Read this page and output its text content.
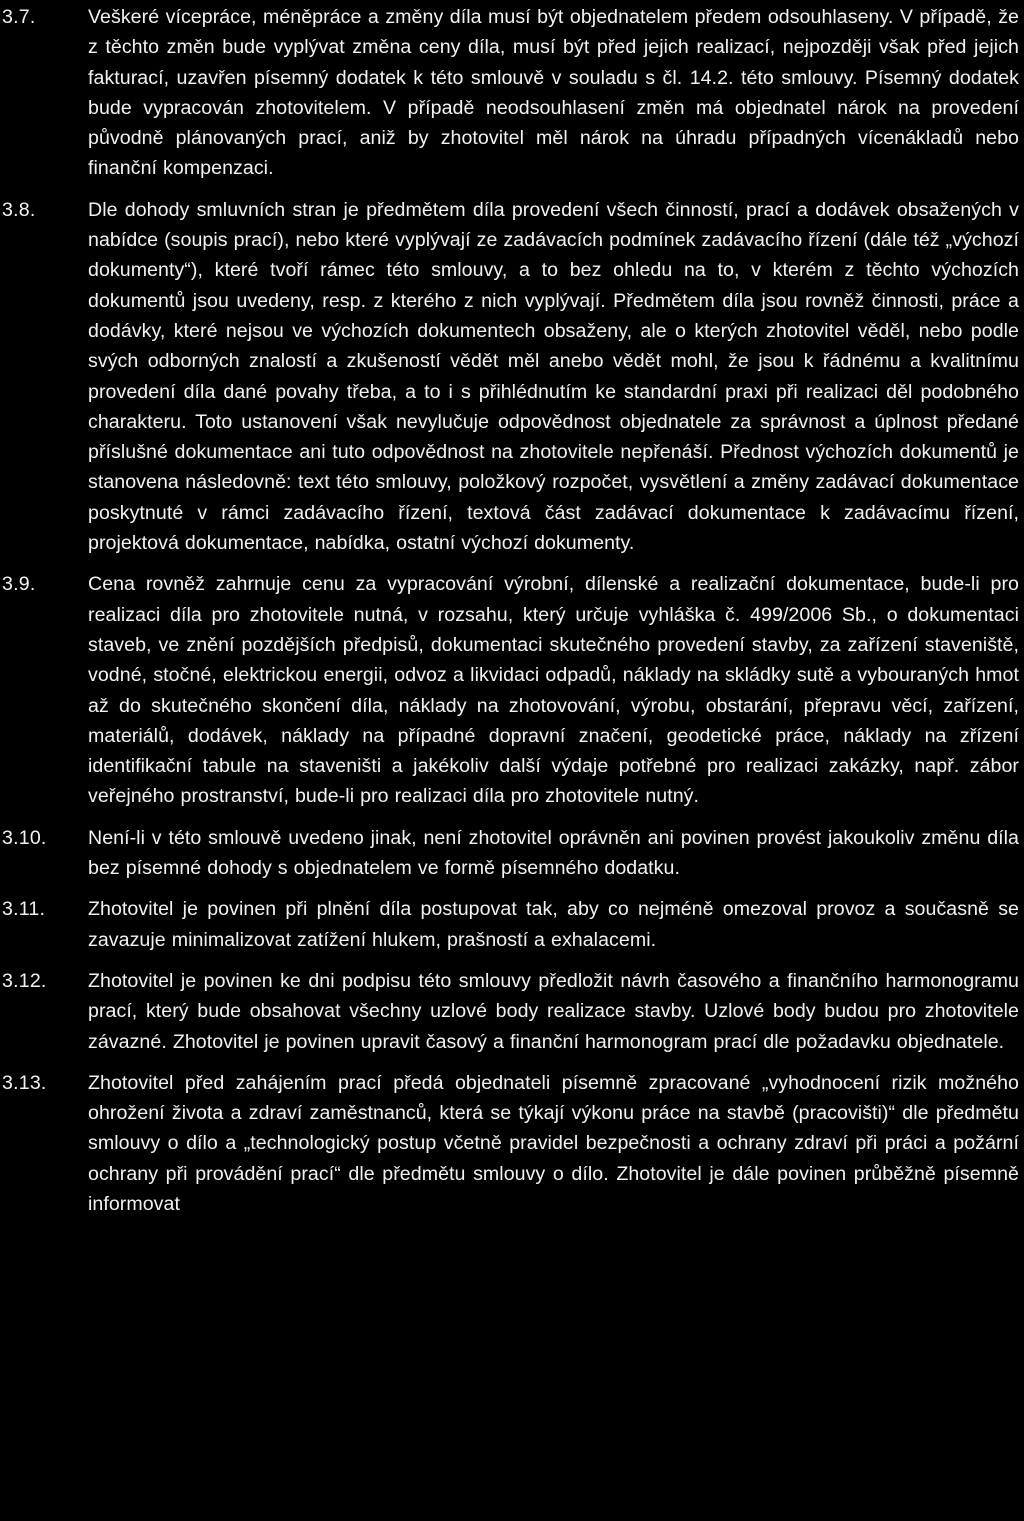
3.7.	Veškeré vícepráce, méněpráce a změny díla musí být objednatelem předem odsouhlaseny. V případě, že z těchto změn bude vyplývat změna ceny díla, musí být před jejich realizací, nejpozději však před jejich fakturací, uzavřen písemný dodatek k této smlouvě v souladu s čl. 14.2. této smlouvy. Písemný dodatek bude vypracován zhotovitelem. V případě neodsouhlasení změn má objednatel nárok na provedení původně plánovaných prací, aniž by zhotovitel měl nárok na úhradu případných vícenákladů nebo finanční kompenzaci.
3.8.	Dle dohody smluvních stran je předmětem díla provedení všech činností, prací a dodávek obsažených v nabídce (soupis prací), nebo které vyplývají ze zadávacích podmínek zadávacího řízení (dále též „výchozí dokumenty“), které tvoří rámec této smlouvy, a to bez ohledu na to, v kterém z těchto výchozích dokumentů jsou uvedeny, resp. z kterého z nich vyplývají. Předmětem díla jsou rovněž činnosti, práce a dodávky, které nejsou ve výchozích dokumentech obsaženy, ale o kterých zhotovitel věděl, nebo podle svých odborných znalostí a zkušeností vědět měl anebo vědět mohl, že jsou k řádnému a kvalitnímu provedení díla dané povahy třeba, a to i s přihlédnutím ke standardní praxi při realizaci děl podobného charakteru. Toto ustanovení však nevylučuje odpovědnost objednatele za správnost a úplnost předané příslušné dokumentace ani tuto odpovědnost na zhotovitele nepřenáší. Přednost výchozích dokumentů je stanovena následovně: text této smlouvy, položkový rozpočet, vysvětlení a změny zadávací dokumentace poskytnuté v rámci zadávacího řízení, textová část zadávací dokumentace k zadávacímu řízení, projektová dokumentace, nabídka, ostatní výchozí dokumenty.
3.9.	Cena rovněž zahrnuje cenu za vypracování výrobní, dílenské a realizační dokumentace, bude-li pro realizaci díla pro zhotovitele nutná, v rozsahu, který určuje vyhláška č. 499/2006 Sb., o dokumentaci staveb, ve znění pozdějších předpisů, dokumentaci skutečného provedení stavby, za zařízení staveniště, vodné, stočné, elektrickou energii, odvoz a likvidaci odpadů, náklady na skládky sutě a vybouraných hmot až do skutečného skončení díla, náklady na zhotovování, výrobu, obstarání, přepravu věcí, zařízení, materiálů, dodávek, náklady na případné dopravní značení, geodetické práce, náklady na zřízení identifikační tabule na staveništi a jakékoliv další výdaje potřebné pro realizaci zakázky, např. zábor veřejného prostranství, bude-li pro realizaci díla pro zhotovitele nutný.
3.10.	Není-li v této smlouvě uvedeno jinak, není zhotovitel oprávněn ani povinen provést jakoukoliv změnu díla bez písemné dohody s objednatelem ve formě písemného dodatku.
3.11.	Zhotovitel je povinen při plnění díla postupovat tak, aby co nejméně omezoval provoz a současně se zavazuje minimalizovat zatížení hlukem, prašností a exhalacemi.
3.12.	Zhotovitel je povinen ke dni podpisu této smlouvy předložit návrh časového a finančního harmonogramu prací, který bude obsahovat všechny uzlové body realizace stavby. Uzlové body budou pro zhotovitele závazné. Zhotovitel je povinen upravit časový a finanční harmonogram prací dle požadavku objednatele.
3.13.	Zhotovitel před zahájením prací předá objednateli písemně zpracované „vyhodnocení rizik možného ohrožení života a zdraví zaměstnanců, která se týkají výkonu práce na stavbě (pracovišti)“ dle předmětu smlouvy o dílo a „technologický postup včetně pravidel bezpečnosti a ochrany zdraví při práci a požární ochrany při provádění prací“ dle předmětu smlouvy o dílo. Zhotovitel je dále povinen průběžně písemně informovat
